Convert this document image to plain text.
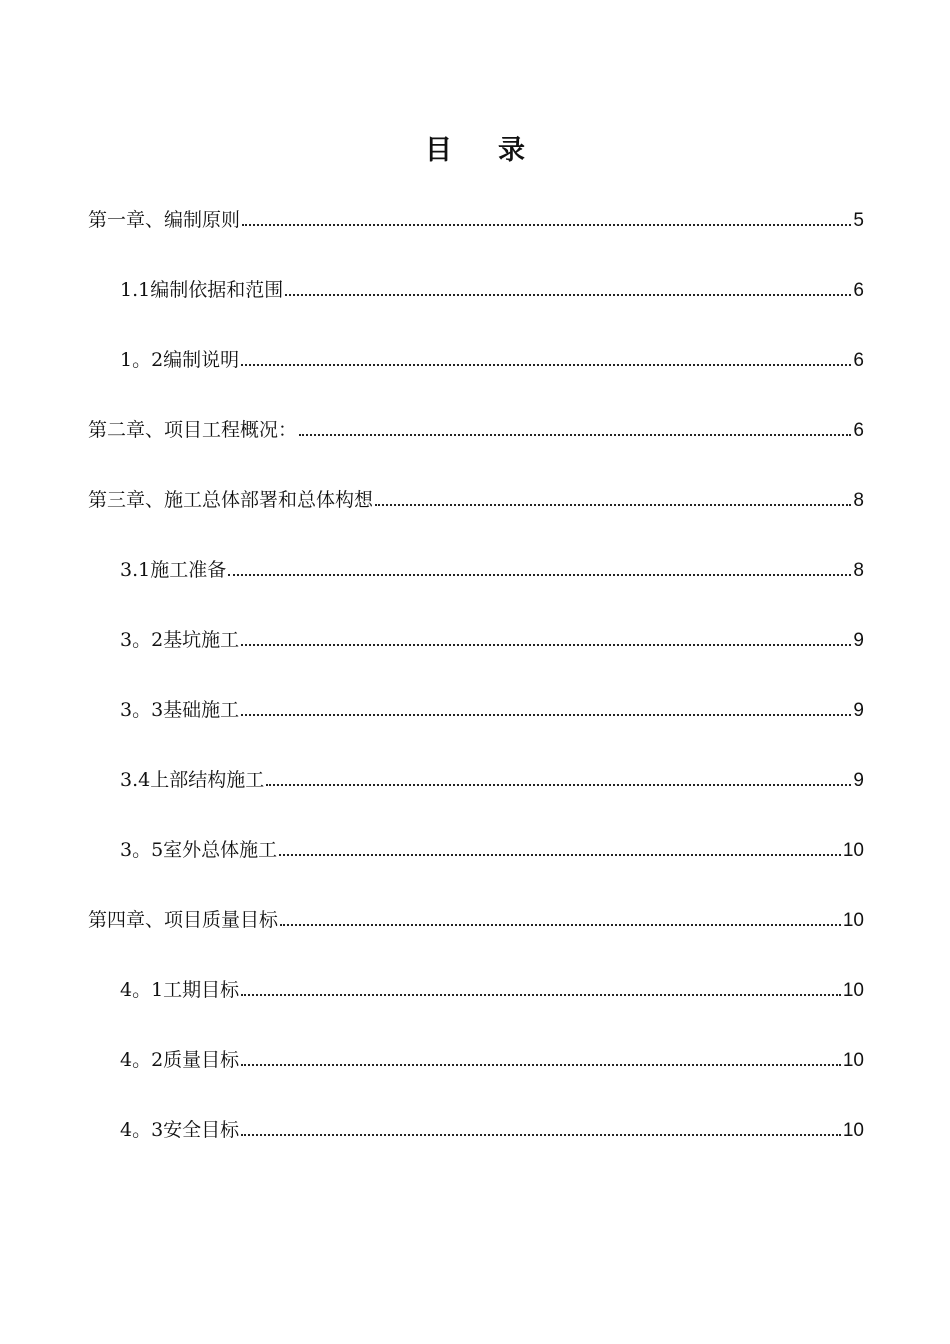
目 录
第一章、编制原则	5
1.1编制依据和范围	6
1。2编制说明	6
第二章、项目工程概况：	6
第三章、施工总体部署和总体构想	8
3.1施工准备	8
3。2基坑施工	9
3。3基础施工	9
3.4上部结构施工	9
3。5室外总体施工	10
第四章、项目质量目标	10
4。1工期目标	10
4。2质量目标	10
4。3安全目标	10
